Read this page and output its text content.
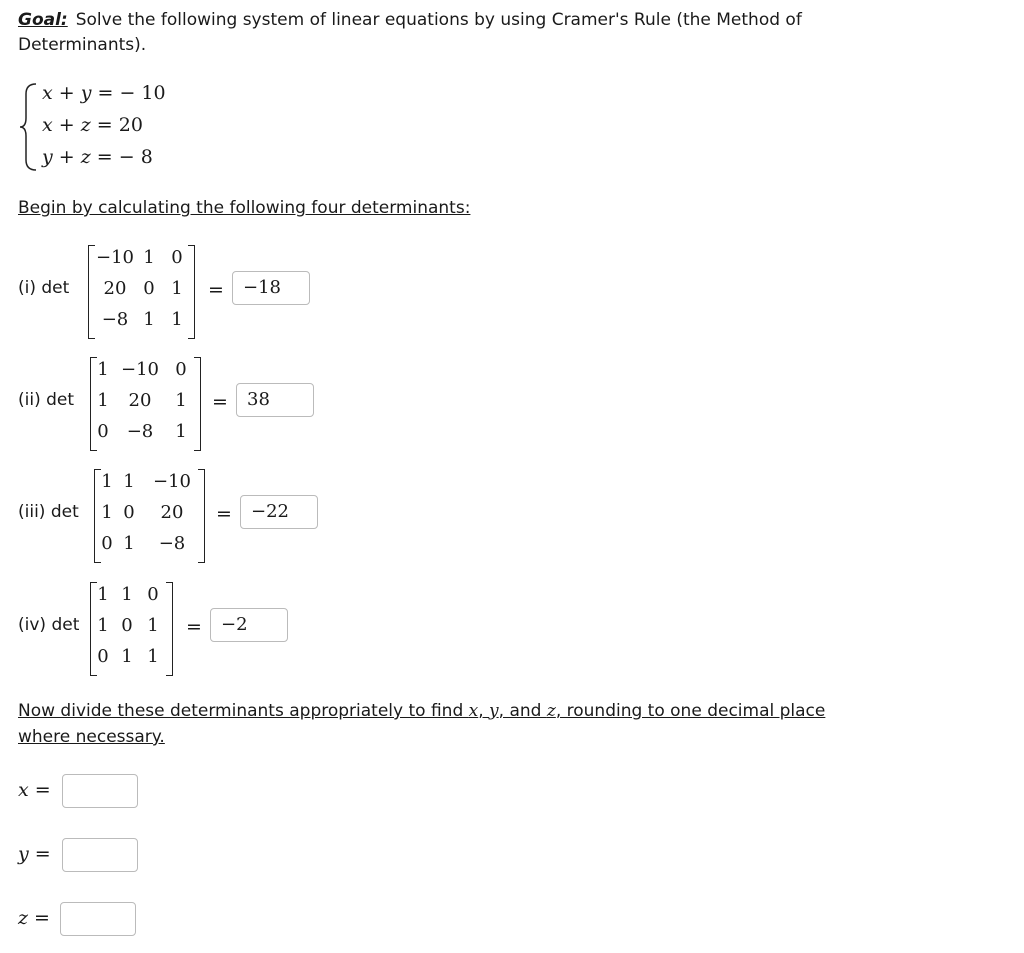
Goal: Solve the following system of linear equations by using Cramer's Rule (the Method of Determinants).
x + y = − 10
x + z = 20
y + z = − 8
Begin by calculating the following four determinants:
(i) det
−10 1 0
20 0 1
−8 1 1
=	−18
(ii) det
1 −10 0
1	20	1
0	−8	1
=	38
(iii) det
1 1 −10
1 0	20
0 1	−8
=	−22
(iv) det
1 1 0
1 0 1
0 1 1
=	−2
Now divide these determinants appropriately to find x, y, and z, rounding to one decimal place where necessary.
x =
y =
z =
